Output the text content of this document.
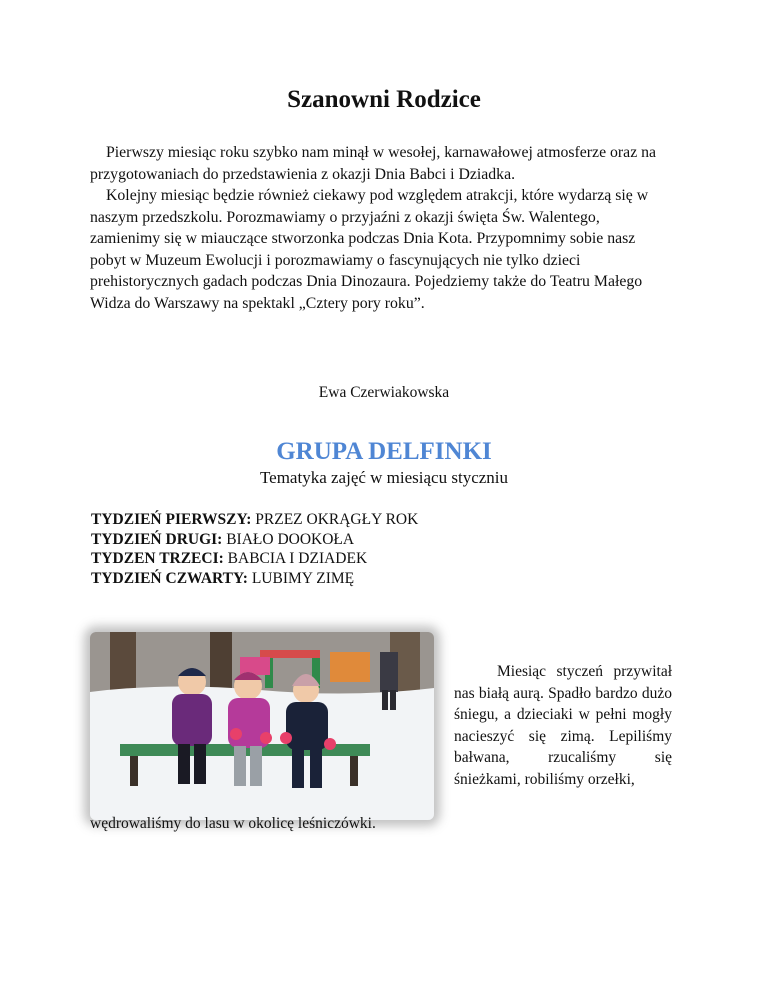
Szanowni Rodzice

Pierwszy miesiąc roku szybko nam minął w wesołej, karnawałowej atmosferze oraz na przygotowaniach do przedstawienia z okazji Dnia Babci i Dziadka.

Kolejny miesiąc będzie również ciekawy pod względem atrakcji, które wydarzą się w naszym przedszkolu. Porozmawiamy o przyjaźni z okazji święta Św. Walentego, zamienimy się w miauczące stworzonka podczas Dnia Kota. Przypomnimy sobie nasz pobyt w Muzeum Ewolucji i porozmawiamy o fascynujących nie tylko dzieci prehistorycznych gadach podczas Dnia Dinozaura. Pojedziemy także do Teatru Małego Widza do Warszawy na spektakl „Cztery pory roku”.

Ewa Czerwiakowska
GRUPA DELFINKI
Tematyka zajęć w miesiącu styczniu
TYDZIEŃ PIERWSZY: PRZEZ OKRĄGŁY ROK
TYDZIEŃ DRUGI: BIAŁO DOOKOŁA
TYDZEN TRZECI: BABCIA I DZIADEK
TYDZIEŃ CZWARTY: LUBIMY ZIMĘ

Miesiąc styczeń przywitał nas białą aurą. Spadło bardzo dużo śniegu, a dzieciaki w pełni mogły nacieszyć się zimą. Lepiliśmy bałwana, rzucaliśmy się śnieżkami, robiliśmy orzełki,

wędrowaliśmy do lasu w okolicę leśniczówki.
